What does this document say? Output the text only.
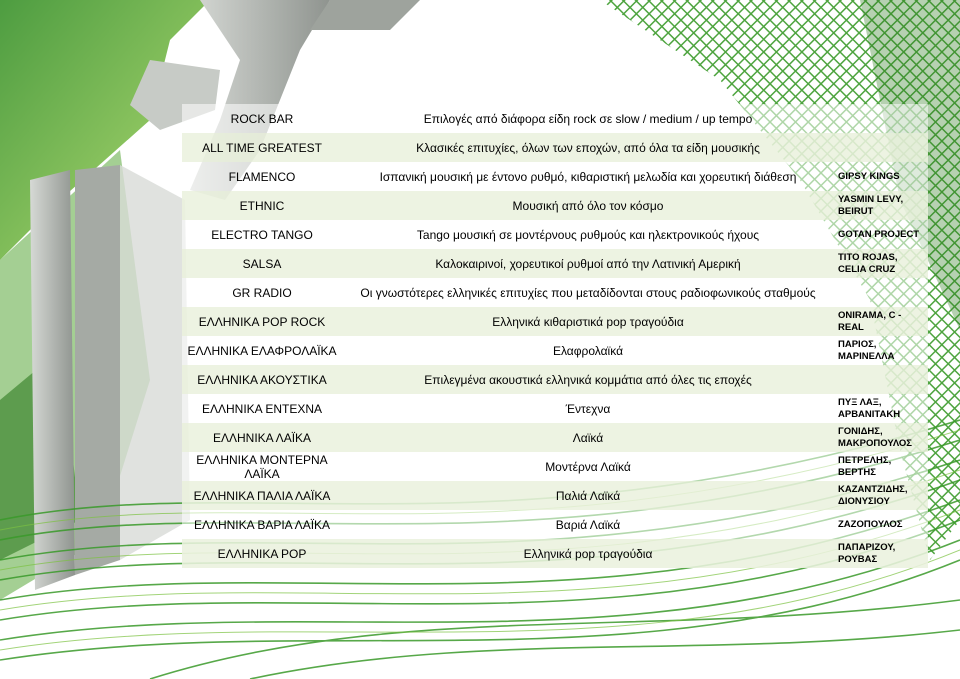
ROCK BAR	Επιλογές από διάφορα είδη rock σε slow / medium / up tempo	
ALL TIME GREATEST	Κλασικές επιτυχίες, όλων των εποχών, από όλα τα είδη μουσικής	
FLAMENCO	Ισπανική μουσική με έντονο ρυθμό, κιθαριστική μελωδία και χορευτική διάθεση	GIPSY KINGS
ETHNIC	Μουσική από όλο τον κόσμο	YASMIN LEVY, BEIRUT
ELECTRO TANGO	Tango μουσική σε μοντέρνους ρυθμούς και ηλεκτρονικούς ήχους	GOTAN PROJECT
SALSA	Καλοκαιρινοί, χορευτικοί ρυθμοί από την Λατινική Αμερική	TITO ROJAS, CELIA CRUZ
GR RADIO	Οι γνωστότερες ελληνικές επιτυχίες που μεταδίδονται στους ραδιοφωνικούς σταθμούς	
ΕΛΛΗΝΙΚΑ POP ROCK	Ελληνικά κιθαριστικά pop τραγούδια	ONIRAMA, C - REAL
ΕΛΛΗΝΙΚΑ ΕΛΑΦΡΟΛΑΪΚΑ	Ελαφρολαϊκά	ΠΑΡΙΟΣ, ΜΑΡΙΝΕΛΛΑ
ΕΛΛΗΝΙΚΑ ΑΚΟΥΣΤΙΚΑ	Επιλεγμένα ακουστικά ελληνικά κομμάτια από όλες τις εποχές	
ΕΛΛΗΝΙΚΑ ΕΝΤΕΧΝΑ	Έντεχνα	ΠΥΞ ΛΑΞ, ΑΡΒΑΝΙΤΑΚΗ
ΕΛΛΗΝΙΚΑ ΛΑΪΚΑ	Λαϊκά	ΓΟΝΙΔΗΣ, ΜΑΚΡΟΠΟΥΛΟΣ
ΕΛΛΗΝΙΚΑ ΜΟΝΤΕΡΝΑ ΛΑΪΚΑ	Μοντέρνα Λαϊκά	ΠΕΤΡΕΛΗΣ, ΒΕΡΤΗΣ
ΕΛΛΗΝΙΚΑ ΠΑΛΙΑ ΛΑΪΚΑ	Παλιά Λαϊκά	ΚΑΖΑΝΤΖΙΔΗΣ, ΔΙΟΝΥΣΙΟΥ
ΕΛΛΗΝΙΚΑ ΒΑΡΙΑ ΛΑΪΚΑ	Βαριά Λαϊκά	ΖΑΖΟΠΟΥΛΟΣ
ΕΛΛΗΝΙΚΑ POP	Ελληνικά pop τραγούδια	ΠΑΠΑΡΙΖΟΥ, ΡΟΥΒΑΣ
